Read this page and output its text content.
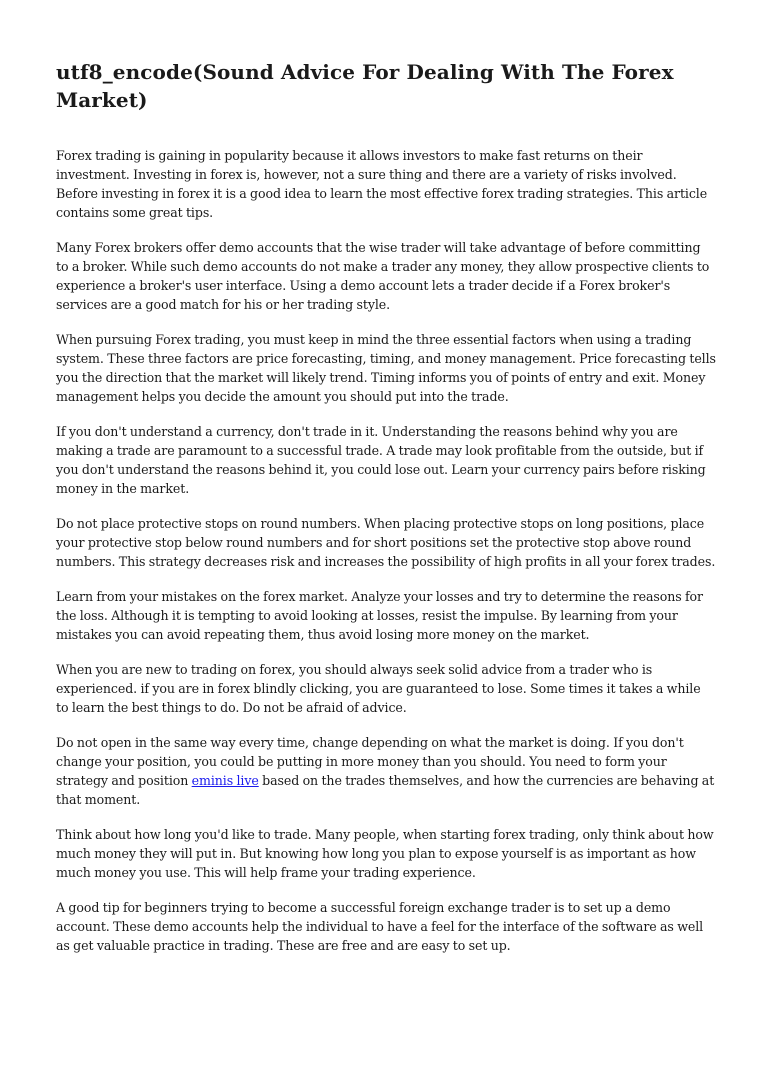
utf8_encode(Sound Advice For Dealing With The Forex Market)

Forex trading is gaining in popularity because it allows investors to make fast returns on their investment. Investing in forex is, however, not a sure thing and there are a variety of risks involved. Before investing in forex it is a good idea to learn the most effective forex trading strategies. This article contains some great tips.

Many Forex brokers offer demo accounts that the wise trader will take advantage of before committing to a broker. While such demo accounts do not make a trader any money, they allow prospective clients to experience a broker's user interface. Using a demo account lets a trader decide if a Forex broker's services are a good match for his or her trading style.

When pursuing Forex trading, you must keep in mind the three essential factors when using a trading system. These three factors are price forecasting, timing, and money management. Price forecasting tells you the direction that the market will likely trend. Timing informs you of points of entry and exit. Money management helps you decide the amount you should put into the trade.

If you don't understand a currency, don't trade in it. Understanding the reasons behind why you are making a trade are paramount to a successful trade. A trade may look profitable from the outside, but if you don't understand the reasons behind it, you could lose out. Learn your currency pairs before risking money in the market.

Do not place protective stops on round numbers. When placing protective stops on long positions, place your protective stop below round numbers and for short positions set the protective stop above round numbers. This strategy decreases risk and increases the possibility of high profits in all your forex trades.

Learn from your mistakes on the forex market. Analyze your losses and try to determine the reasons for the loss. Although it is tempting to avoid looking at losses, resist the impulse. By learning from your mistakes you can avoid repeating them, thus avoid losing more money on the market.

When you are new to trading on forex, you should always seek solid advice from a trader who is experienced. if you are in forex blindly clicking, you are guaranteed to lose. Some times it takes a while to learn the best things to do. Do not be afraid of advice.

Do not open in the same way every time, change depending on what the market is doing. If you don't change your position, you could be putting in more money than you should. You need to form your strategy and position eminis live based on the trades themselves, and how the currencies are behaving at that moment.

Think about how long you'd like to trade. Many people, when starting forex trading, only think about how much money they will put in. But knowing how long you plan to expose yourself is as important as how much money you use. This will help frame your trading experience.

A good tip for beginners trying to become a successful foreign exchange trader is to set up a demo account. These demo accounts help the individual to have a feel for the interface of the software as well as get valuable practice in trading. These are free and are easy to set up.
